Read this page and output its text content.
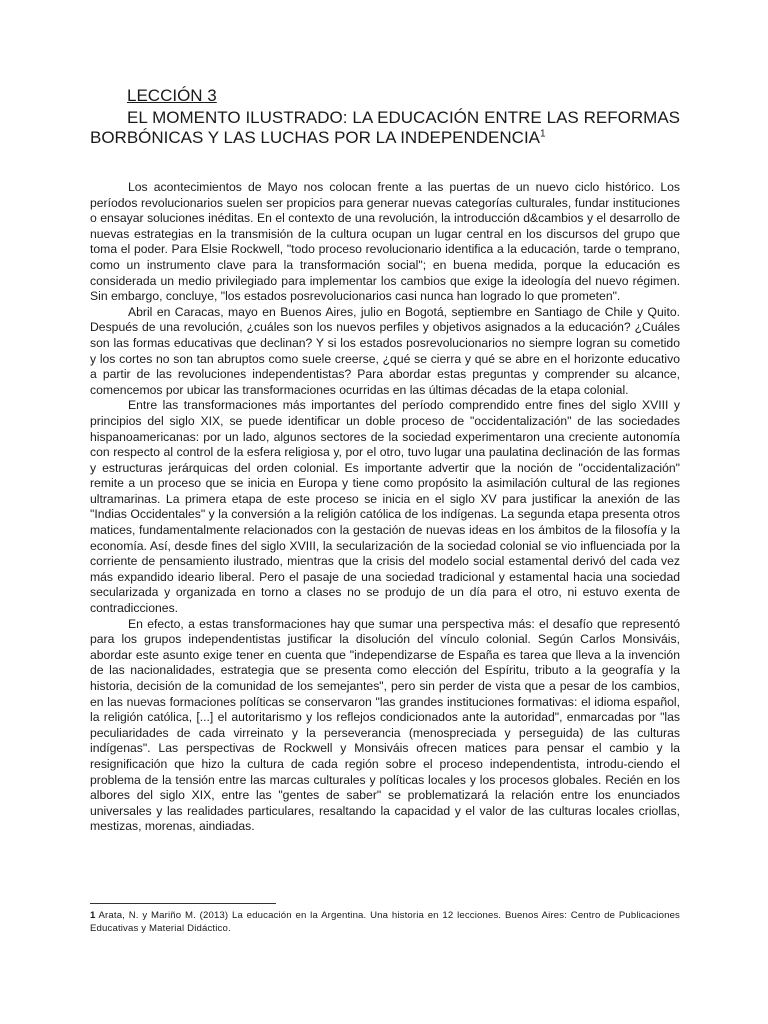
LECCIÓN 3
EL MOMENTO ILUSTRADO: LA EDUCACIÓN ENTRE LAS REFORMAS BORBÓNICAS Y LAS LUCHAS POR LA INDEPENDENCIA$^1$

Los acontecimientos de Mayo nos colocan frente a las puertas de un nuevo ciclo histórico. Los períodos revolucionarios suelen ser propicios para generar nuevas categorías culturales, fundar instituciones o ensayar soluciones inéditas. En el contexto de una revolución, la introducción d&cambios y el desarrollo de nuevas estrategias en la transmisión de la cultura ocupan un lugar central en los discursos del grupo que toma el poder. Para Elsie Rockwell, "todo proceso revolucionario identifica a la educación, tarde o temprano, como un instrumento clave para la transformación social"; en buena medida, porque la educación es considerada un medio privilegiado para implementar los cambios que exige la ideología del nuevo régimen. Sin embargo, concluye, "los estados posrevolucionarios casi nunca han logrado lo que prometen".

Abril en Caracas, mayo en Buenos Aires, julio en Bogotá, septiembre en Santiago de Chile y Quito. Después de una revolución, ¿cuáles son los nuevos perfiles y objetivos asignados a la educación? ¿Cuáles son las formas educativas que declinan? Y si los estados posrevolucionarios no siempre logran su cometido y los cortes no son tan abruptos como suele creerse, ¿qué se cierra y qué se abre en el horizonte educativo a partir de las revoluciones independentistas? Para abordar estas preguntas y comprender su alcance, comencemos por ubicar las transformaciones ocurridas en las últimas décadas de la etapa colonial.

Entre las transformaciones más importantes del período comprendido entre fines del siglo XVIII y principios del siglo XIX, se puede identificar un doble proceso de "occidentalización" de las sociedades hispanoamericanas: por un lado, algunos sectores de la sociedad experimentaron una creciente autonomía con respecto al control de la esfera religiosa y, por el otro, tuvo lugar una paulatina declinación de las formas y estructuras jerárquicas del orden colonial. Es importante advertir que la noción de "occidentalización" remite a un proceso que se inicia en Europa y tiene como propósito la asimilación cultural de las regiones ultramarinas. La primera etapa de este proceso se inicia en el siglo XV para justificar la anexión de las "Indias Occidentales" y la conversión a la religión católica de los indígenas. La segunda etapa presenta otros matices, fundamentalmente relacionados con la gestación de nuevas ideas en los ámbitos de la filosofía y la economía. Así, desde fines del siglo XVIII, la secularización de la sociedad colonial se vio influenciada por la corriente de pensamiento ilustrado, mientras que la crisis del modelo social estamental derivó del cada vez más expandido ideario liberal. Pero el pasaje de una sociedad tradicional y estamental hacia una sociedad secularizada y organizada en torno a clases no se produjo de un día para el otro, ni estuvo exenta de contradicciones.

En efecto, a estas transformaciones hay que sumar una perspectiva más: el desafío que representó para los grupos independentistas justificar la disolución del vínculo colonial. Según Carlos Monsiváis, abordar este asunto exige tener en cuenta que "independizarse de España es tarea que lleva a la invención de las nacionalidades, estrategia que se presenta como elección del Espíritu, tributo a la geografía y la historia, decisión de la comunidad de los semejantes", pero sin perder de vista que a pesar de los cambios, en las nuevas formaciones políticas se conservaron "las grandes instituciones formativas: el idioma español, la religión católica, [...] el autoritarismo y los reflejos condicionados ante la autoridad", enmarcadas por "las peculiaridades de cada virreinato y la perseverancia (menospreciada y perseguida) de las culturas indígenas". Las perspectivas de Rockwell y Monsiváis ofrecen matices para pensar el cambio y la resignificación que hizo la cultura de cada región sobre el proceso independentista, introdu-ciendo el problema de la tensión entre las marcas culturales y políticas locales y los procesos globales. Recién en los albores del siglo XIX, entre las "gentes de saber" se problematizará la relación entre los enunciados universales y las realidades particulares, resaltando la capacidad y el valor de las culturas locales criollas, mestizas, morenas, aindiadas.

1 Arata, N. y Mariño M. (2013) La educación en la Argentina. Una historia en 12 lecciones. Buenos Aires: Centro de Publicaciones Educativas y Material Didáctico.
